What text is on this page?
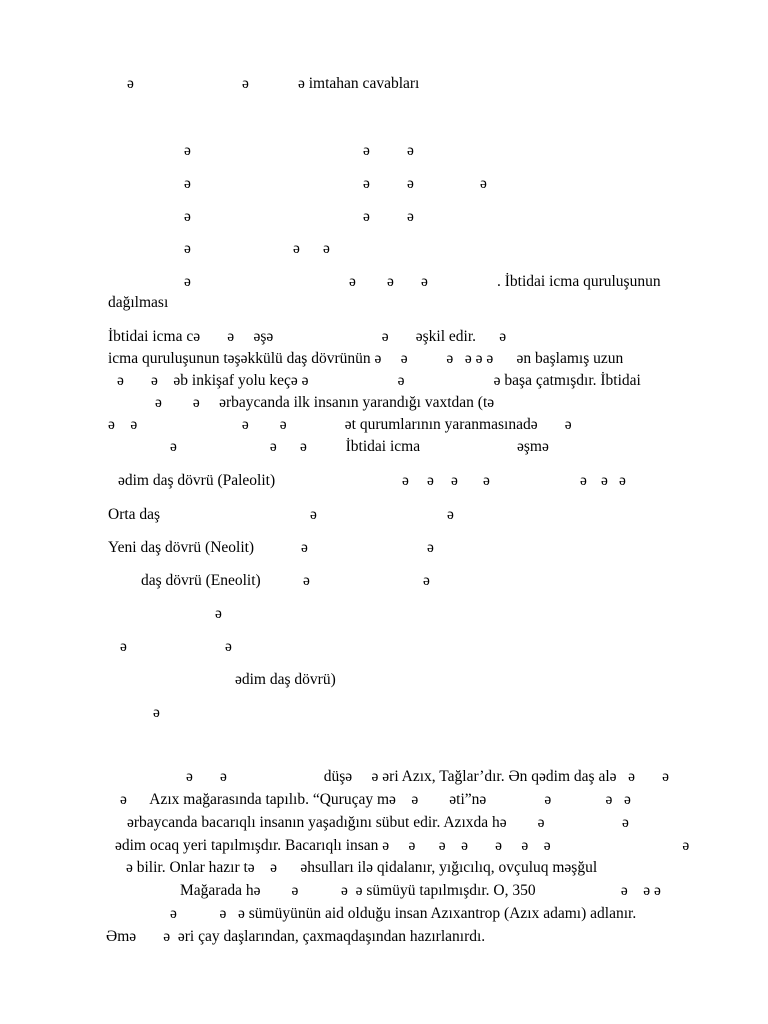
ə	ə	ə imtahan cavabları
ə	ə ə
ə	ə ə	ə
ə	ə ə
ə	ə ə
ə	ə ə ə	. İbtidai icma quruluşunun
dağılması
İbtidai icma cə       ə     əşə                            ə       əşkil edir.      ə
icma quruluşunun təşəkkülü daş dövrünün ə     ə          ə   ə ə ə      ən başlamış uzun
ə       ə    əb inkişaf yolu keçə ə                       ə                       ə başa çatmışdır. İbtidai
ə        ə     ərbaycanda ilk insanın yarandığı vaxtdan (tə
ə    ə                           ə        ə               ət qurumlarının yaranmasınadə       ə
ə                        ə      ə          İbtidai icma                         əşmə
ədim daş dövrü (Paleolit)	ə ə ə ə	ə ə ə
Orta daş	ə	ə
Yeni daş dövrü (Neolit)	ə	ə
daş dövrü (Eneolit)	ə	ə
ə
ə	ə
ədim daş dövrü)
ə
ə       ə                         düşə     ə əri Azıx, Tağlar’dır. Ən qədim daş alə   ə       ə
ə      Azıx mağarasında tapılıb. “Quruçay mə    ə        əti”nə               ə              ə   ə
ərbaycanda bacarıqlı insanın yaşadığını sübut edir. Azıxda hə        ə                    ə
ədim ocaq yeri tapılmışdır. Bacarıqlı insan ə     ə      ə    ə       ə     ə    ə                                  ə
ə bilir. Onlar hazır tə    ə      əhsulları ilə qidalanır, yığıcılıq, ovçuluq məşğul
Mağarada hə        ə           ə  ə sümüyü tapılmışdır. O, 350                      ə    ə ə
ə           ə   ə sümüyünün aid olduğu insan Azıxantrop (Azıx adamı) adlanır.
Əmə       ə  əri çay daşlarından, çaxmaqdaşından hazırlanırdı.
